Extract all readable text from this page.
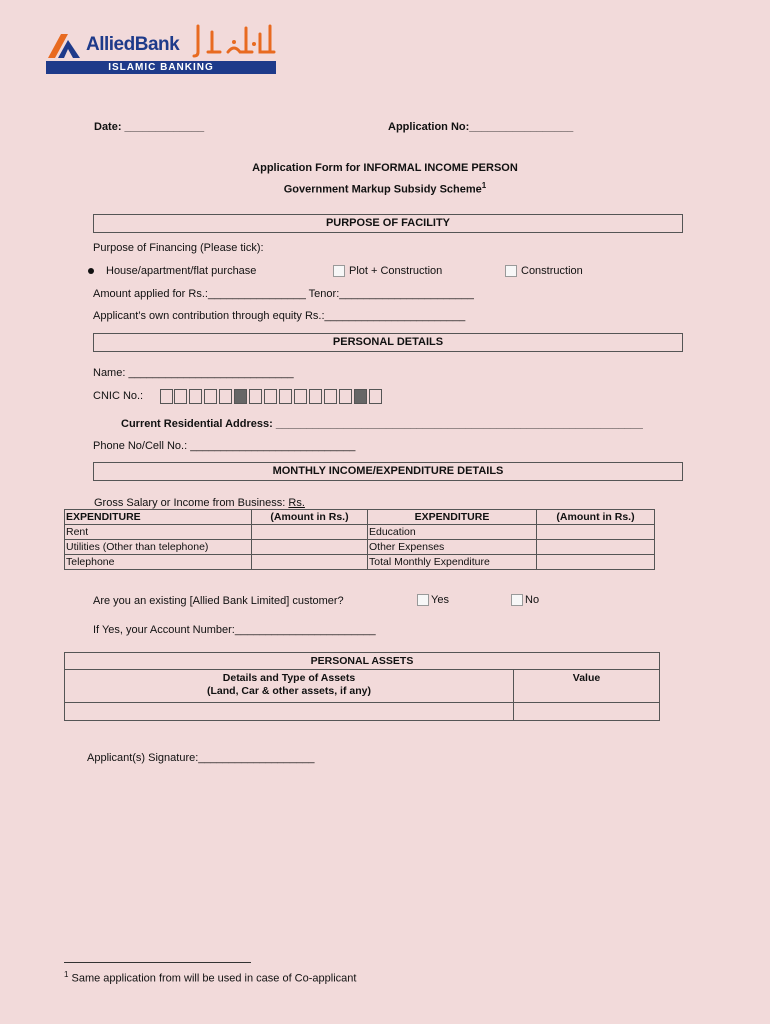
AlliedBank
ISLAMIC BANKING
Date: _____________	Application No:_________________
Application Form for INFORMAL INCOME PERSON
Government Markup Subsidy Scheme$^1$
PURPOSE OF FACILITY
Purpose of Financing (Please tick):
House/apartment/flat purchase	Plot + Construction	Construction
Amount applied for Rs.:________________ Tenor:______________________
Applicant’s own contribution through equity Rs.:_______________________
PERSONAL DETAILS
Name: ___________________________
CNIC No.:
Current Residential Address: ____________________________________________________________
Phone No/Cell No.: ___________________________
MONTHLY INCOME/EXPENDITURE DETAILS
Gross Salary or Income from Business: Rs.
EXPENDITURE	(Amount in Rs.)	EXPENDITURE	(Amount in Rs.)
Rent		Education	
Utilities (Other than telephone)		Other Expenses	
Telephone		Total Monthly Expenditure	
Are you an existing [Allied Bank Limited] customer?	Yes	No
If Yes, your Account Number:_______________________
PERSONAL ASSETS	

Details and Type of Assets
(Land, Car & other assets, if any)	Value

Applicant(s) Signature:___________________
$^1$ Same application from will be used in case of Co-applicant
